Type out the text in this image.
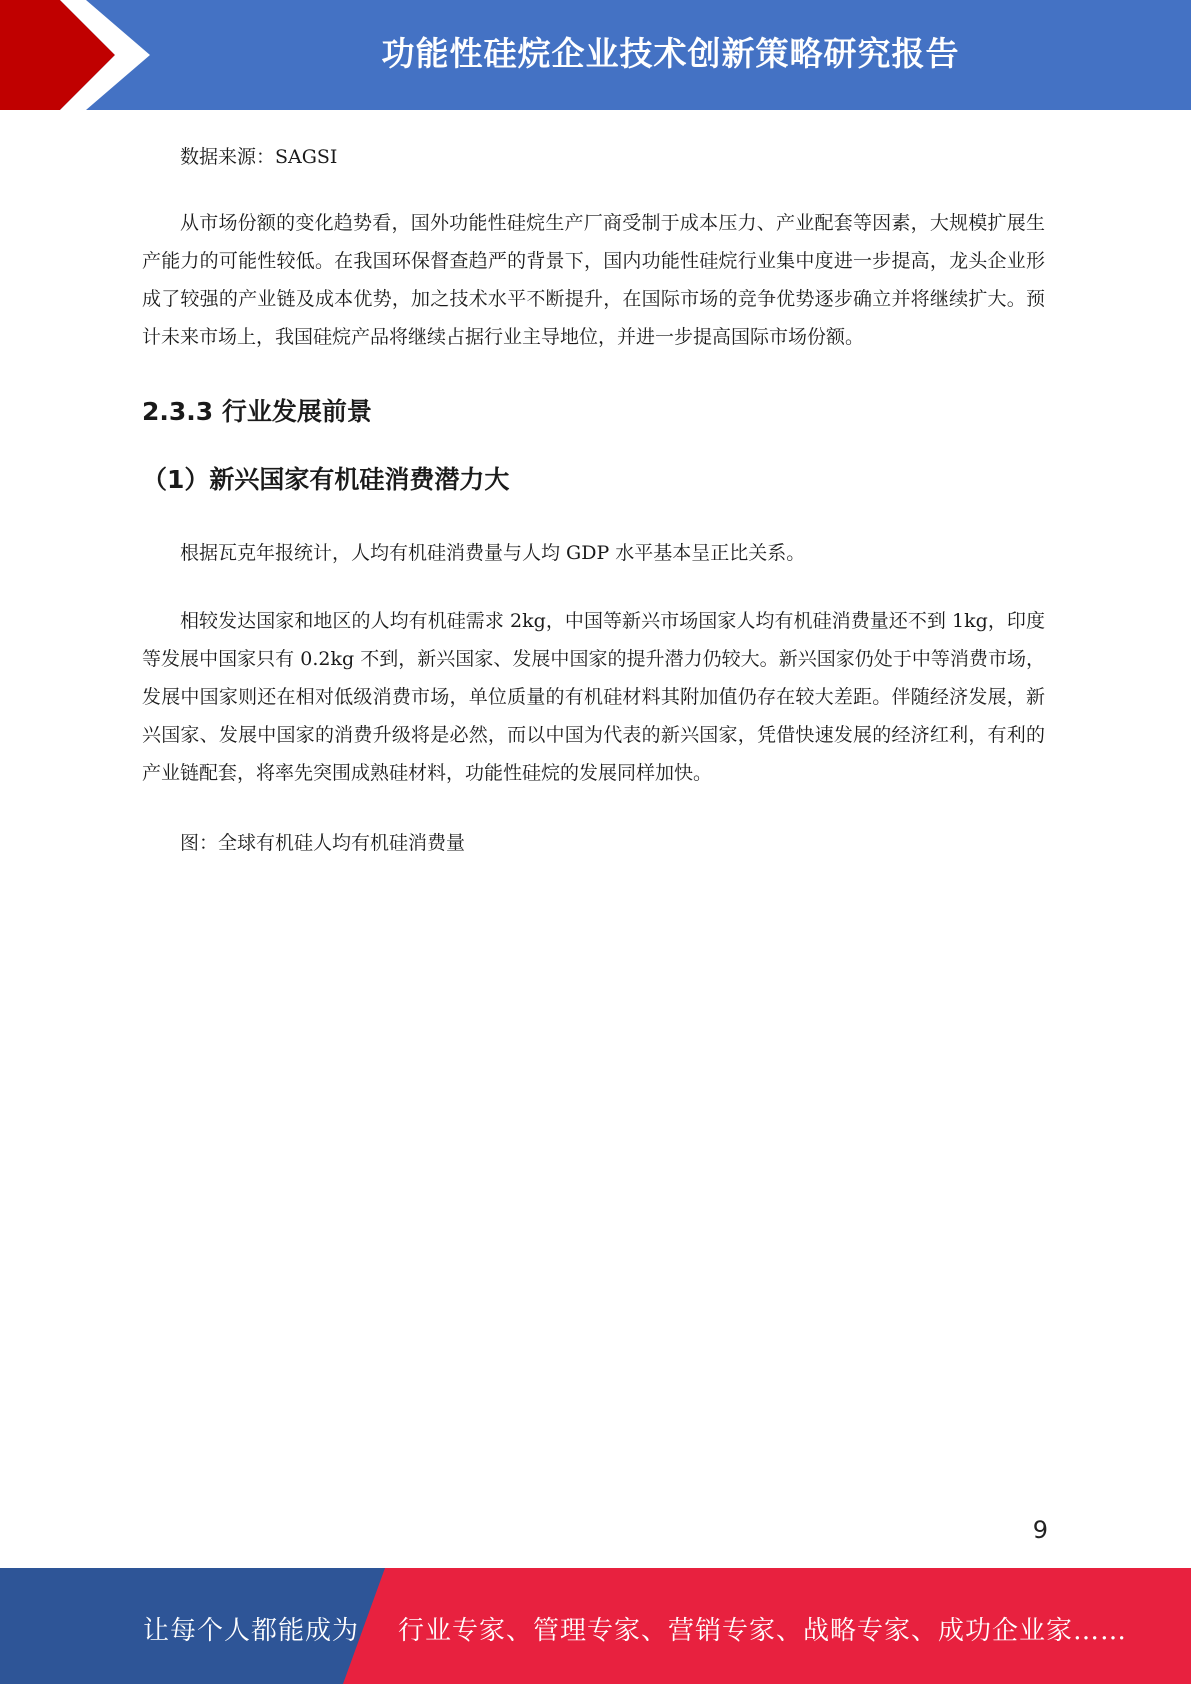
功能性硅烷企业技术创新策略研究报告

数据来源：SAGSI

从市场份额的变化趋势看，国外功能性硅烷生产厂商受制于成本压力、产业配套等因素，大规模扩展生产能力的可能性较低。在我国环保督查趋严的背景下，国内功能性硅烷行业集中度进一步提高，龙头企业形成了较强的产业链及成本优势，加之技术水平不断提升，在国际市场的竞争优势逐步确立并将继续扩大。预计未来市场上，我国硅烷产品将继续占据行业主导地位，并进一步提高国际市场份额。

2.3.3 行业发展前景
（1）新兴国家有机硅消费潜力大

根据瓦克年报统计，人均有机硅消费量与人均 GDP 水平基本呈正比关系。

相较发达国家和地区的人均有机硅需求 2kg，中国等新兴市场国家人均有机硅消费量还不到 1kg，印度等发展中国家只有 0.2kg 不到，新兴国家、发展中国家的提升潜力仍较大。新兴国家仍处于中等消费市场，发展中国家则还在相对低级消费市场，单位质量的有机硅材料其附加值仍存在较大差距。伴随经济发展，新兴国家、发展中国家的消费升级将是必然，而以中国为代表的新兴国家，凭借快速发展的经济红利，有利的产业链配套，将率先突围成熟硅材料，功能性硅烷的发展同样加快。

图：全球有机硅人均有机硅消费量

9
让每个人都能成为 行业专家、管理专家、营销专家、战略专家、成功企业家……
